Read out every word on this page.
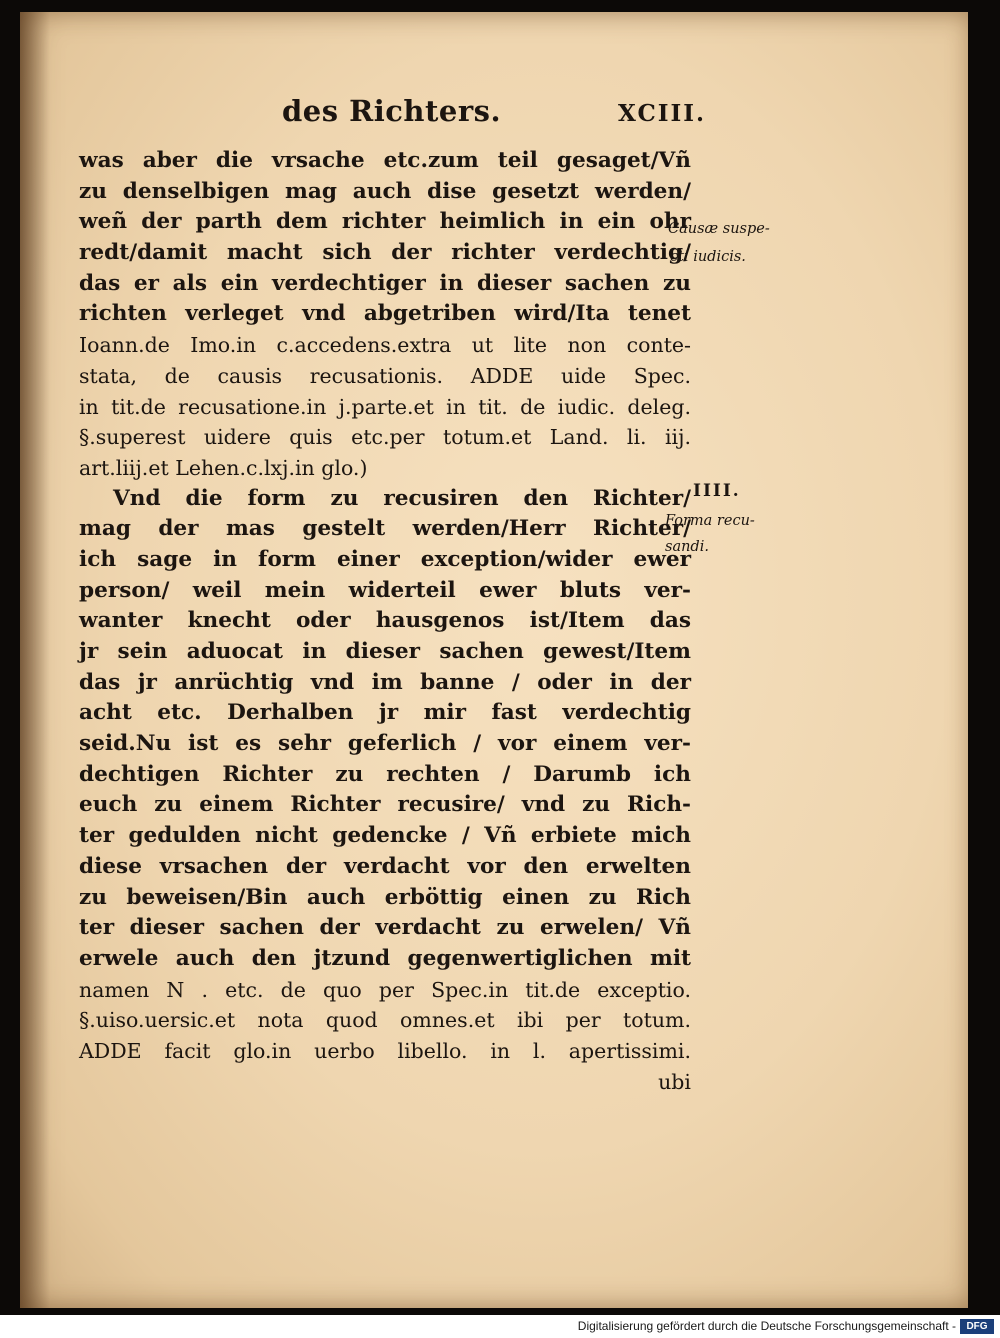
des Richters.	XCIII.
was aber die vrsache etc.zum teil gesaget/Vñ
zu denselbigen mag auch dise gesetzt werden/
weñ der parth dem richter heimlich in ein ohr
redt/damit macht sich der richter verdechtig/
das er als ein verdechtiger in dieser sachen zu
richten verleget vnd abgetriben wird/Ita tenet
Ioann.de Imo.in c.accedens.extra ut lite non conte-
stata, de causis recusationis. ADDE uide Spec.
in tit.de recusatione.in j.parte.et in tit. de iudic. deleg.
§.superest uidere quis etc.per totum.et Land. li. iij.
art.liij.et Lehen.c.lxj.in glo.)
Vnd die form zu recusiren den Richter/
mag der mas gestelt werden/Herr Richter/
ich sage in form einer exception/wider ewer
person/ weil mein widerteil ewer bluts ver-
wanter knecht oder hausgenos ist/Item das
jr sein aduocat in dieser sachen gewest/Item
das jr anrüchtig vnd im banne / oder in der
acht etc. Derhalben jr mir fast verdechtig
seid.Nu ist es sehr geferlich / vor einem ver-
dechtigen Richter zu rechten / Darumb ich
euch zu einem Richter recusire/ vnd zu Rich-
ter gedulden nicht gedencke / Vñ erbiete mich
diese vrsachen der verdacht vor den erwelten
zu beweisen/Bin auch erböttig einen zu Rich
ter dieser sachen der verdacht zu erwelen/ Vñ
erwele auch den jtzund gegenwertiglichen mit
namen N . etc. de quo per Spec.in tit.de exceptio.
§.uiso.uersic.et nota quod omnes.et ibi per totum.
ADDE facit glo.in uerbo libello. in l. apertissimi.
ubi
Causæ suspe-
cti iudicis.
IIII.
Forma recu-
sandi.
Digitalisierung gefördert durch die Deutsche Forschungsgemeinschaft -	DFG
